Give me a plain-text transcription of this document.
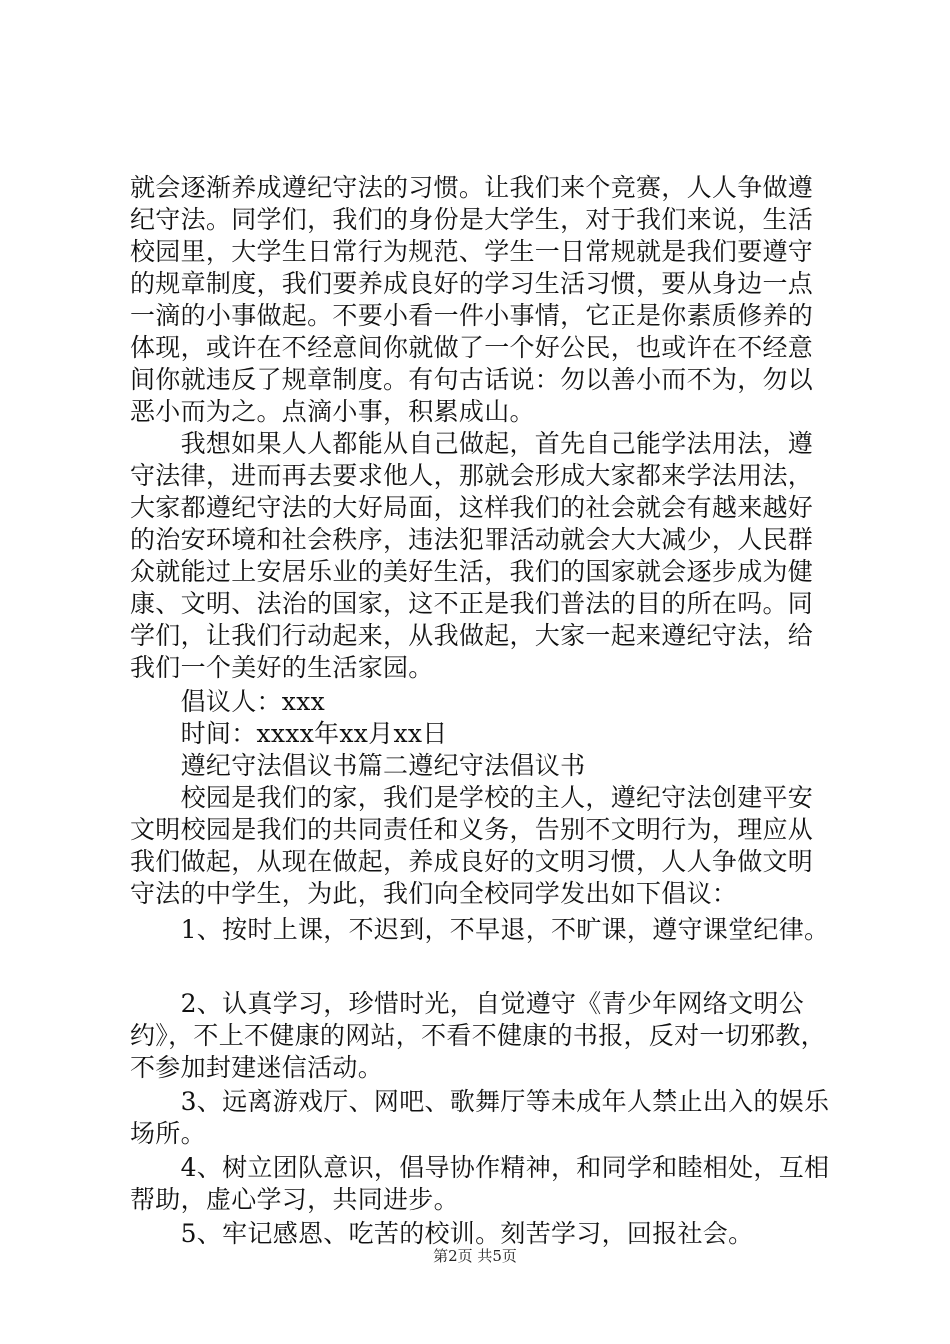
就会逐渐养成遵纪守法的习惯。让我们来个竞赛，人人争做遵
纪守法。同学们，我们的身份是大学生，对于我们来说，生活
校园里，大学生日常行为规范、学生一日常规就是我们要遵守
的规章制度，我们要养成良好的学习生活习惯，要从身边一点
一滴的小事做起。不要小看一件小事情，它正是你素质修养的
体现，或许在不经意间你就做了一个好公民，也或许在不经意
间你就违反了规章制度。有句古话说：勿以善小而不为，勿以
恶小而为之。点滴小事，积累成山。
　　我想如果人人都能从自己做起，首先自己能学法用法，遵
守法律，进而再去要求他人，那就会形成大家都来学法用法，
大家都遵纪守法的大好局面，这样我们的社会就会有越来越好
的治安环境和社会秩序，违法犯罪活动就会大大减少，人民群
众就能过上安居乐业的美好生活，我们的国家就会逐步成为健
康、文明、法治的国家，这不正是我们普法的目的所在吗。同
学们，让我们行动起来，从我做起，大家一起来遵纪守法，给
我们一个美好的生活家园。
　　倡议人：xxx
　　时间：xxxx年xx月xx日
　　遵纪守法倡议书篇二遵纪守法倡议书
　　校园是我们的家，我们是学校的主人，遵纪守法创建平安
文明校园是我们的共同责任和义务，告别不文明行为，理应从
我们做起，从现在做起，养成良好的文明习惯，人人争做文明
守法的中学生，为此，我们向全校同学发出如下倡议：
　　1、按时上课，不迟到，不早退，不旷课，遵守课堂纪律。
　　2、认真学习，珍惜时光，自觉遵守《青少年网络文明公
约》，不上不健康的网站，不看不健康的书报，反对一切邪教，
不参加封建迷信活动。
　　3、远离游戏厅、网吧、歌舞厅等未成年人禁止出入的娱乐
场所。
　　4、树立团队意识，倡导协作精神，和同学和睦相处，互相
帮助，虚心学习，共同进步。
　　5、牢记感恩、吃苦的校训。刻苦学习，回报社会。
第2页 共5页
